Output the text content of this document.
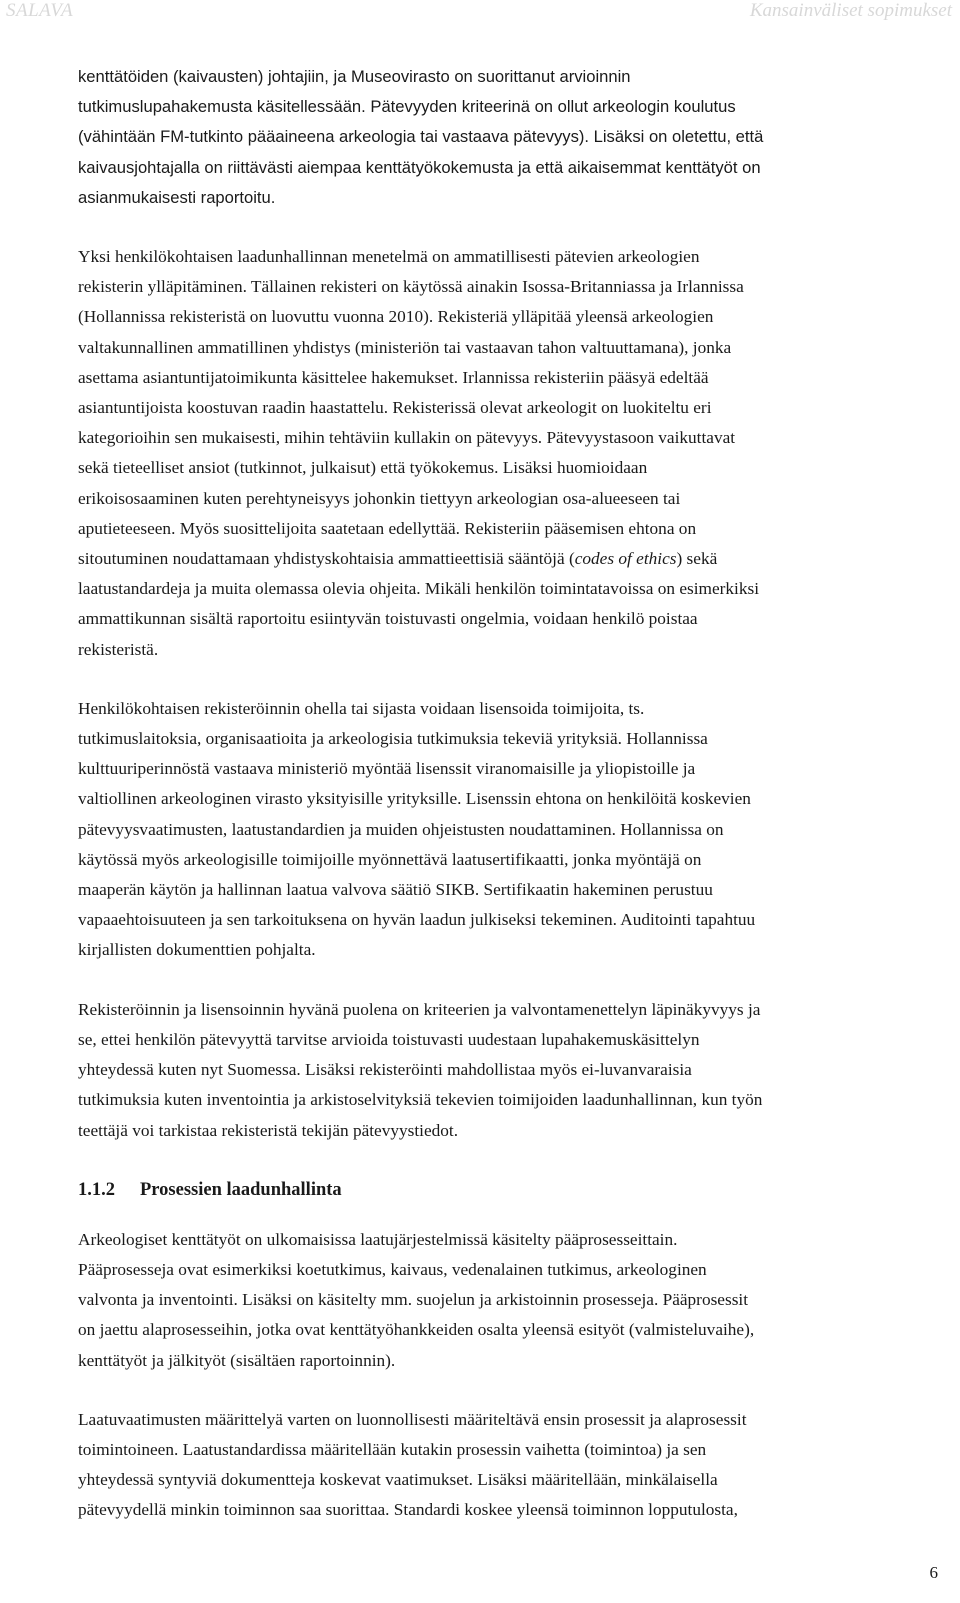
SALAVA	Kansainväliset sopimukset

kenttätöiden (kaivausten) johtajiin, ja Museovirasto on suorittanut arvioinnin
tutkimuslupahakemusta käsitellessään. Pätevyyden kriteerinä on ollut arkeologin koulutus
(vähintään FM-tutkinto pääaineena arkeologia tai vastaava pätevyys). Lisäksi on oletettu, että
kaivausjohtajalla on riittävästi aiempaa kenttätyökokemusta ja että aikaisemmat kenttätyöt on
asianmukaisesti raportoitu.

Yksi henkilökohtaisen laadunhallinnan menetelmä on ammatillisesti pätevien arkeologien
rekisterin ylläpitäminen. Tällainen rekisteri on käytössä ainakin Isossa-Britanniassa ja Irlannissa
(Hollannissa rekisteristä on luovuttu vuonna 2010). Rekisteriä ylläpitää yleensä arkeologien
valtakunnallinen ammatillinen yhdistys (ministeriön tai vastaavan tahon valtuuttamana), jonka
asettama asiantuntijatoimikunta käsittelee hakemukset. Irlannissa rekisteriin pääsyä edeltää
asiantuntijoista koostuvan raadin haastattelu. Rekisterissä olevat arkeologit on luokiteltu eri
kategorioihin sen mukaisesti, mihin tehtäviin kullakin on pätevyys. Pätevyystasoon vaikuttavat
sekä tieteelliset ansiot (tutkinnot, julkaisut) että työkokemus. Lisäksi huomioidaan
erikoisosaaminen kuten perehtyneisyys johonkin tiettyyn arkeologian osa-alueeseen tai
aputieteeseen. Myös suosittelijoita saatetaan edellyttää. Rekisteriin pääsemisen ehtona on
sitoutuminen noudattamaan yhdistyskohtaisia ammattieettisiä sääntöjä (codes of ethics) sekä
laatustandardeja ja muita olemassa olevia ohjeita. Mikäli henkilön toimintatavoissa on esimerkiksi
ammattikunnan sisältä raportoitu esiintyvän toistuvasti ongelmia, voidaan henkilö poistaa
rekisteristä.

Henkilökohtaisen rekisteröinnin ohella tai sijasta voidaan lisensoida toimijoita, ts.
tutkimuslaitoksia, organisaatioita ja arkeologisia tutkimuksia tekeviä yrityksiä. Hollannissa
kulttuuriperinnöstä vastaava ministeriö myöntää lisenssit viranomaisille ja yliopistoille ja
valtiollinen arkeologinen virasto yksityisille yrityksille. Lisenssin ehtona on henkilöitä koskevien
pätevyysvaatimusten, laatustandardien ja muiden ohjeistusten noudattaminen. Hollannissa on
käytössä myös arkeologisille toimijoille myönnettävä laatusertifikaatti, jonka myöntäjä on
maaperän käytön ja hallinnan laatua valvova säätiö SIKB. Sertifikaatin hakeminen perustuu
vapaaehtoisuuteen ja sen tarkoituksena on hyvän laadun julkiseksi tekeminen. Auditointi tapahtuu
kirjallisten dokumenttien pohjalta.

Rekisteröinnin ja lisensoinnin hyvänä puolena on kriteerien ja valvontamenettelyn läpinäkyvyys ja
se, ettei henkilön pätevyyttä tarvitse arvioida toistuvasti uudestaan lupahakemuskäsittelyn
yhteydessä kuten nyt Suomessa. Lisäksi rekisteröinti mahdollistaa myös ei-luvanvaraisia
tutkimuksia kuten inventointia ja arkistoselvityksiä tekevien toimijoiden laadunhallinnan, kun työn
teettäjä voi tarkistaa rekisteristä tekijän pätevyystiedot.

1.1.2	Prosessien laadunhallinta

Arkeologiset kenttätyöt on ulkomaisissa laatujärjestelmissä käsitelty pääprosesseittain.
Pääprosesseja ovat esimerkiksi koetutkimus, kaivaus, vedenalainen tutkimus, arkeologinen
valvonta ja inventointi. Lisäksi on käsitelty mm. suojelun ja arkistoinnin prosesseja. Pääprosessit
on jaettu alaprosesseihin, jotka ovat kenttätyöhankkeiden osalta yleensä esityöt (valmisteluvaihe),
kenttätyöt ja jälkityöt (sisältäen raportoinnin).

Laatuvaatimusten määrittelyä varten on luonnollisesti määriteltävä ensin prosessit ja alaprosessit
toimintoineen. Laatustandardissa määritellään kutakin prosessin vaihetta (toimintoa) ja sen
yhteydessä syntyviä dokumentteja koskevat vaatimukset. Lisäksi määritellään, minkälaisella
pätevyydellä minkin toiminnon saa suorittaa. Standardi koskee yleensä toiminnon lopputulosta,

6
